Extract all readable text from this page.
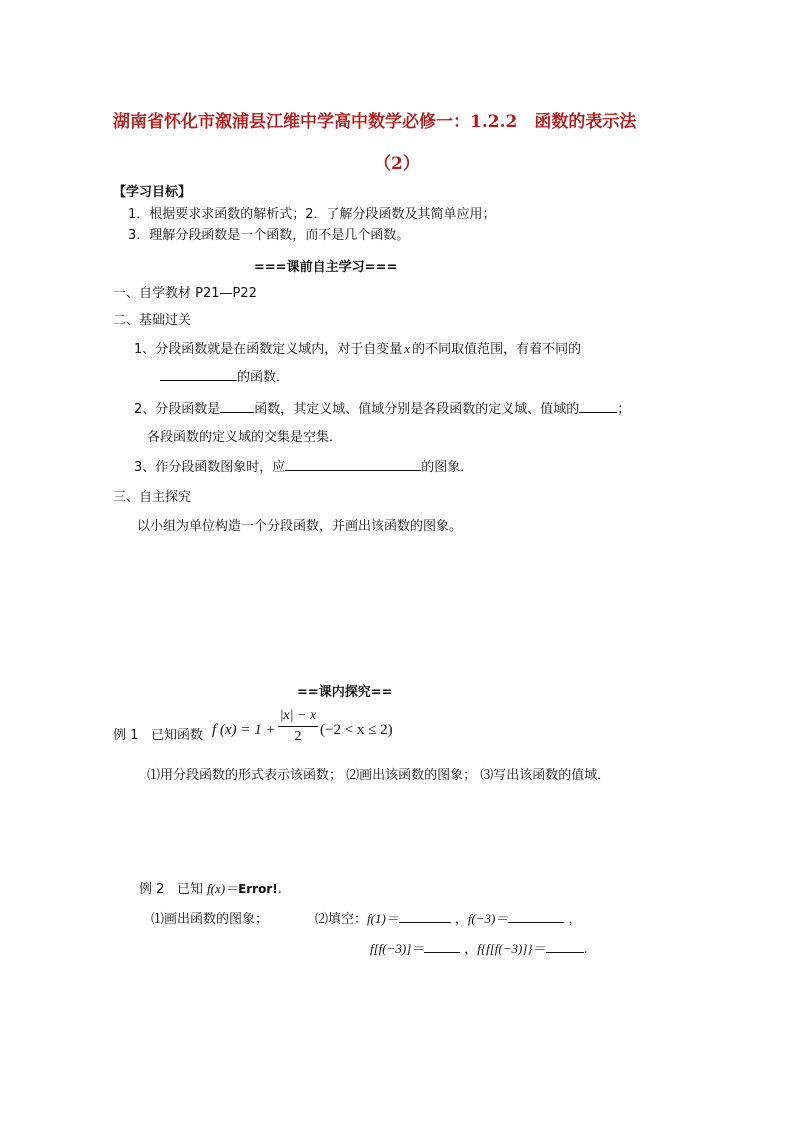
湖南省怀化市溆浦县江维中学高中数学必修一：1.2.2　函数的表示法
（2）
【学习目标】
1．根据要求求函数的解析式；2．了解分段函数及其简单应用；
3．理解分段函数是一个函数，而不是几个函数。
===课前自主学习===
一、自学教材 P21—P22
二、基础过关
1、分段函数就是在函数定义域内，对于自变量 x 的不同取值范围，有着不同的
的函数．
2、分段函数是	函数，其定义域、值域分别是各段函数的定义域、值域的	；
各段函数的定义域的交集是空集．
3、作分段函数图象时，应	的图象．
三、自主探究
以小组为单位构造一个分段函数，并画出该函数的图象。
==课内探究==
例 1 已知函数 f (x) = 1 +
|x| − x
2	(−2 < x ≤ 2)
⑴用分段函数的形式表示该函数； ⑵画出该函数的图象； ⑶写出该函数的值域．
例 2 已知 f(x)＝Error!.
⑴画出函数的图象；	⑵填空：f(1)＝	，f(−3)＝	，
f[f(−3)]＝	，f{f[f(−3)]}＝	.
